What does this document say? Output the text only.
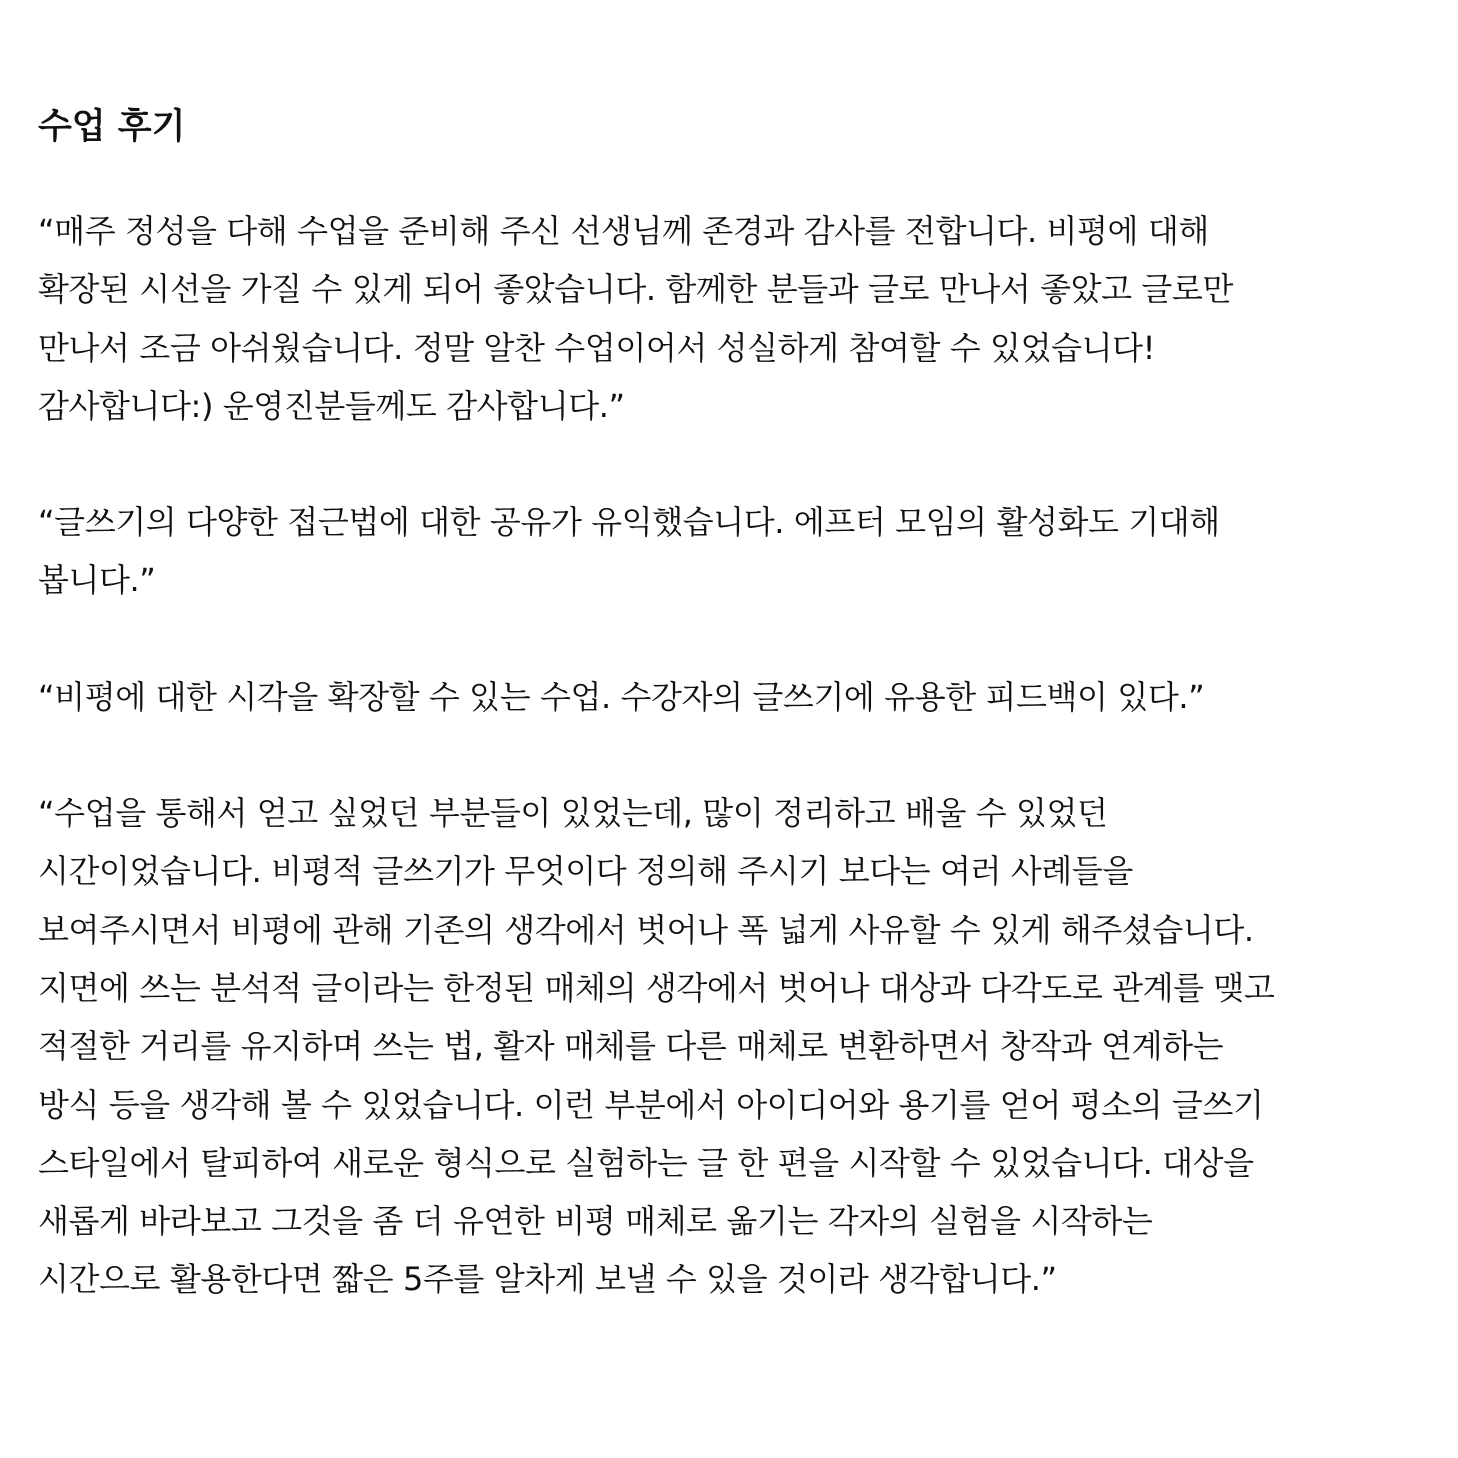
수업 후기
“매주 정성을 다해 수업을 준비해 주신 선생님께 존경과 감사를 전합니다. 비평에 대해
확장된 시선을 가질 수 있게 되어 좋았습니다. 함께한 분들과 글로 만나서 좋았고 글로만
만나서 조금 아쉬웠습니다. 정말 알찬 수업이어서 성실하게 참여할 수 있었습니다!
감사합니다:) 운영진분들께도 감사합니다.”
“글쓰기의 다양한 접근법에 대한 공유가 유익했습니다. 에프터 모임의 활성화도 기대해
봅니다.”
“비평에 대한 시각을 확장할 수 있는 수업. 수강자의 글쓰기에 유용한 피드백이 있다.”
“수업을 통해서 얻고 싶었던 부분들이 있었는데, 많이 정리하고 배울 수 있었던
시간이었습니다. 비평적 글쓰기가 무엇이다 정의해 주시기 보다는 여러 사례들을
보여주시면서 비평에 관해 기존의 생각에서 벗어나 폭 넓게 사유할 수 있게 해주셨습니다.
지면에 쓰는 분석적 글이라는 한정된 매체의 생각에서 벗어나 대상과 다각도로 관계를 맺고
적절한 거리를 유지하며 쓰는 법, 활자 매체를 다른 매체로 변환하면서 창작과 연계하는
방식 등을 생각해 볼 수 있었습니다. 이런 부분에서 아이디어와 용기를 얻어 평소의 글쓰기
스타일에서 탈피하여 새로운 형식으로 실험하는 글 한 편을 시작할 수 있었습니다. 대상을
새롭게 바라보고 그것을 좀 더 유연한 비평 매체로 옮기는 각자의 실험을 시작하는
시간으로 활용한다면 짧은 5주를 알차게 보낼 수 있을 것이라 생각합니다.”
